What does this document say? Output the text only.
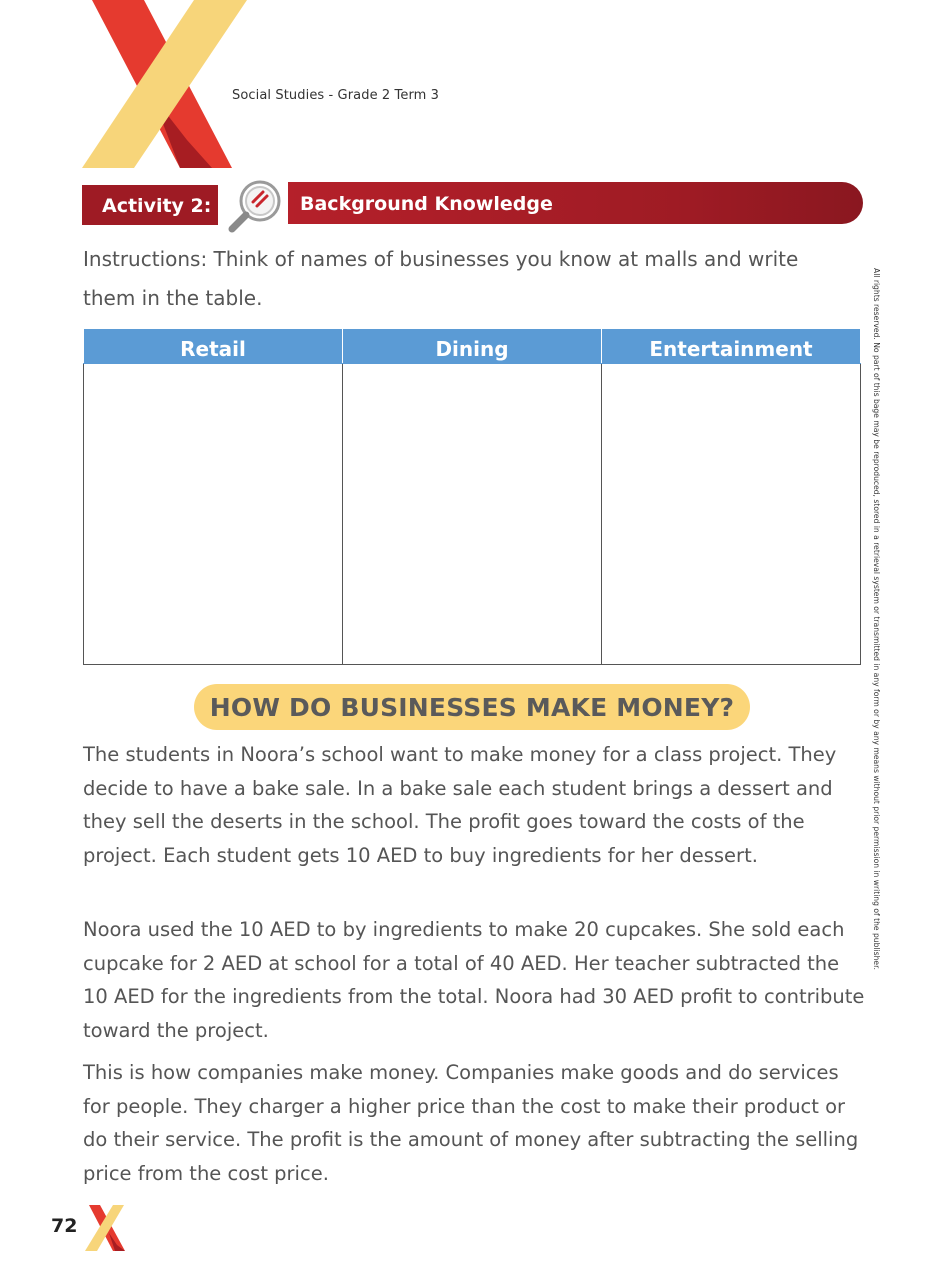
Social Studies - Grade 2 Term 3
Activity 2:	Background Knowledge
Instructions: Think of names of businesses you know at malls and write them in the table.
Retail	Dining	Entertainment

HOW DO BUSINESSES MAKE MONEY?

The students in Noora’s school want to make money for a class project. They decide to have a bake sale. In a bake sale each student brings a dessert and they sell the deserts in the school. The profit goes toward the costs of the project. Each student gets 10 AED to buy ingredients for her dessert.

Noora used the 10 AED to by ingredients to make 20 cupcakes. She sold each cupcake for 2 AED at school for a total of 40 AED. Her teacher subtracted the 10 AED for the ingredients from the total. Noora had 30 AED profit to contribute toward the project.

This is how companies make money. Companies make goods and do services for people. They charger a higher price than the cost to make their product or do their service. The profit is the amount of money after subtracting the selling price from the cost price.

All rights reserved. No part of this bage may be reproduced, stored in a retrieval system or transmitted in any form or by any means without prior permission in writing of the publisher.
72
